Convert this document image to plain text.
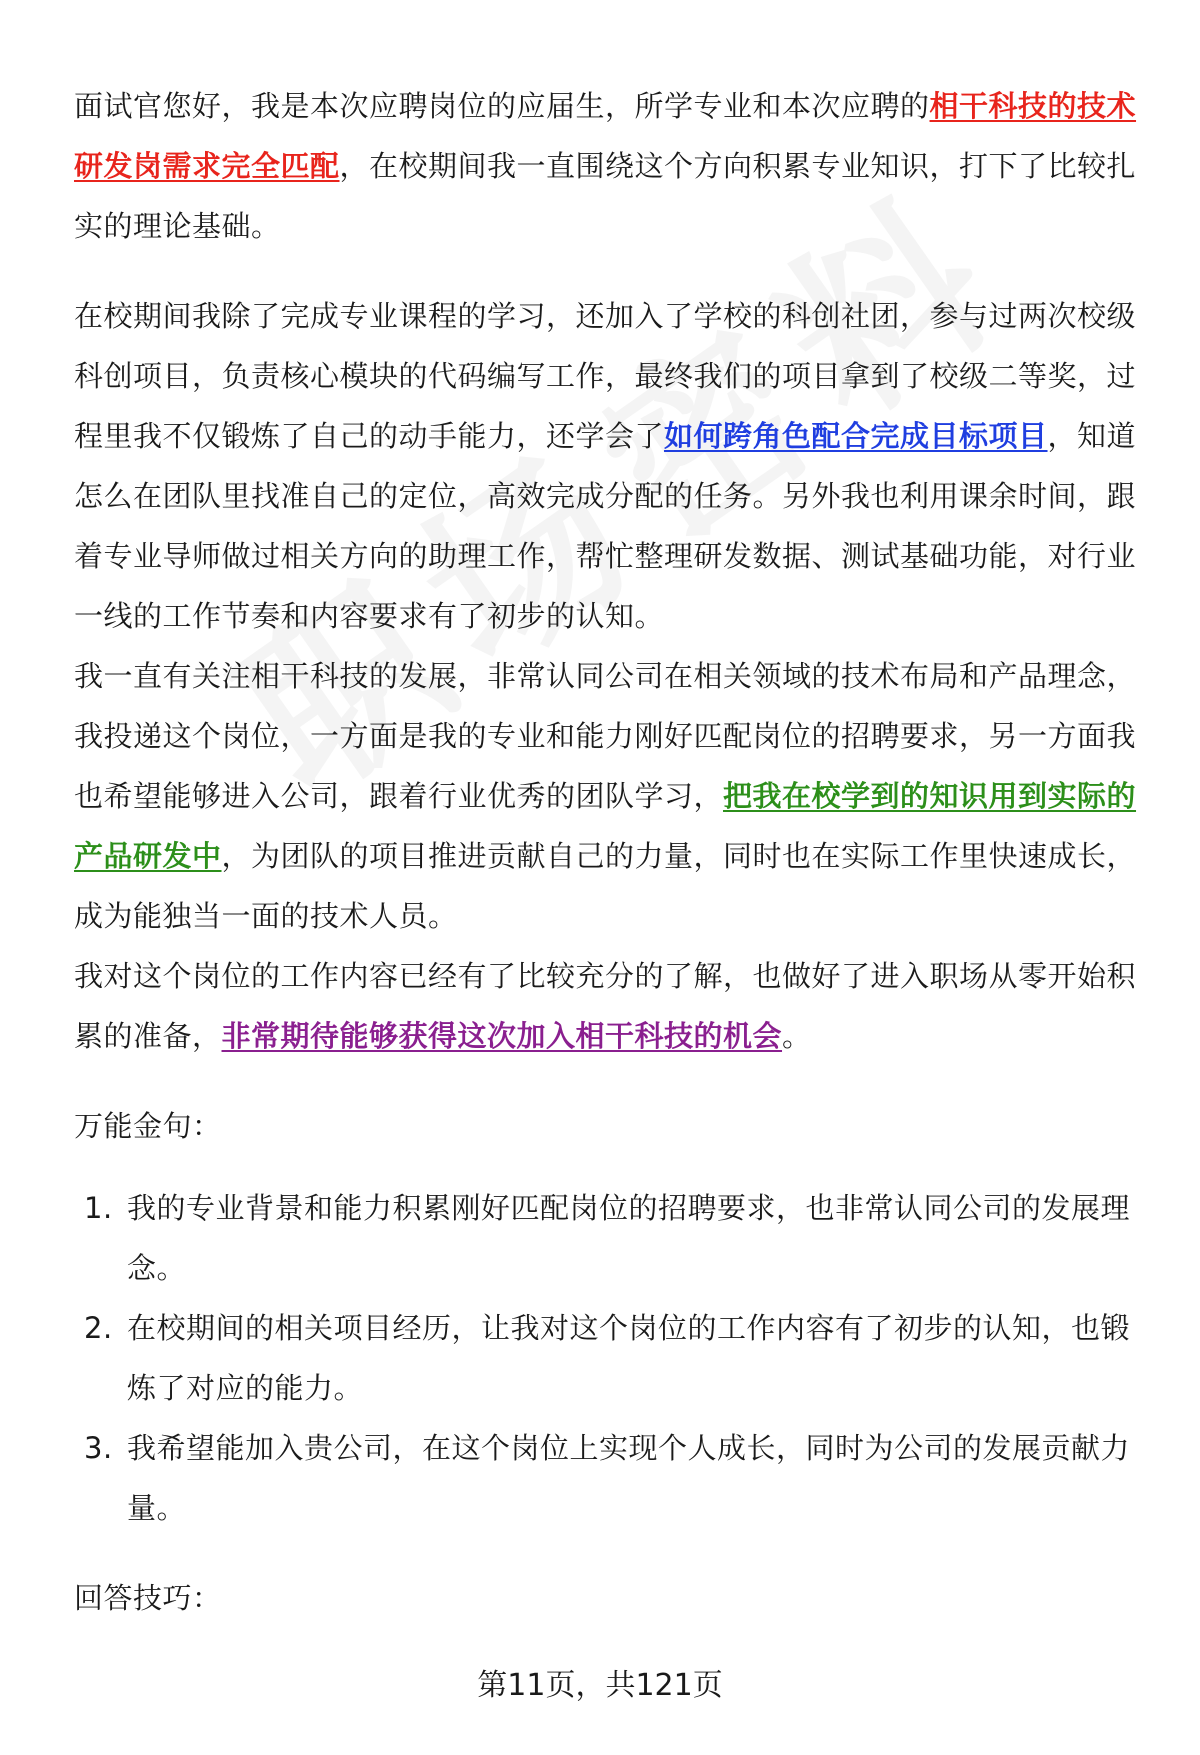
面试官您好，我是本次应聘岗位的应届生，所学专业和本次应聘的相干科技的技术研发岗需求完全匹配，在校期间我一直围绕这个方向积累专业知识，打下了比较扎实的理论基础。

在校期间我除了完成专业课程的学习，还加入了学校的科创社团，参与过两次校级科创项目，负责核心模块的代码编写工作，最终我们的项目拿到了校级二等奖，过程里我不仅锻炼了自己的动手能力，还学会了如何跨角色配合完成目标项目，知道怎么在团队里找准自己的定位，高效完成分配的任务。另外我也利用课余时间，跟着专业导师做过相关方向的助理工作，帮忙整理研发数据、测试基础功能，对行业一线的工作节奏和内容要求有了初步的认知。

我一直有关注相干科技的发展，非常认同公司在相关领域的技术布局和产品理念，我投递这个岗位，一方面是我的专业和能力刚好匹配岗位的招聘要求，另一方面我也希望能够进入公司，跟着行业优秀的团队学习，把我在校学到的知识用到实际的产品研发中，为团队的项目推进贡献自己的力量，同时也在实际工作里快速成长，成为能独当一面的技术人员。

我对这个岗位的工作内容已经有了比较充分的了解，也做好了进入职场从零开始积累的准备，非常期待能够获得这次加入相干科技的机会。

万能金句：

1. 我的专业背景和能力积累刚好匹配岗位的招聘要求，也非常认同公司的发展理念。
2. 在校期间的相关项目经历，让我对这个岗位的工作内容有了初步的认知，也锻炼了对应的能力。
3. 我希望能加入贵公司，在这个岗位上实现个人成长，同时为公司的发展贡献力量。

回答技巧：

第11页，共121页
